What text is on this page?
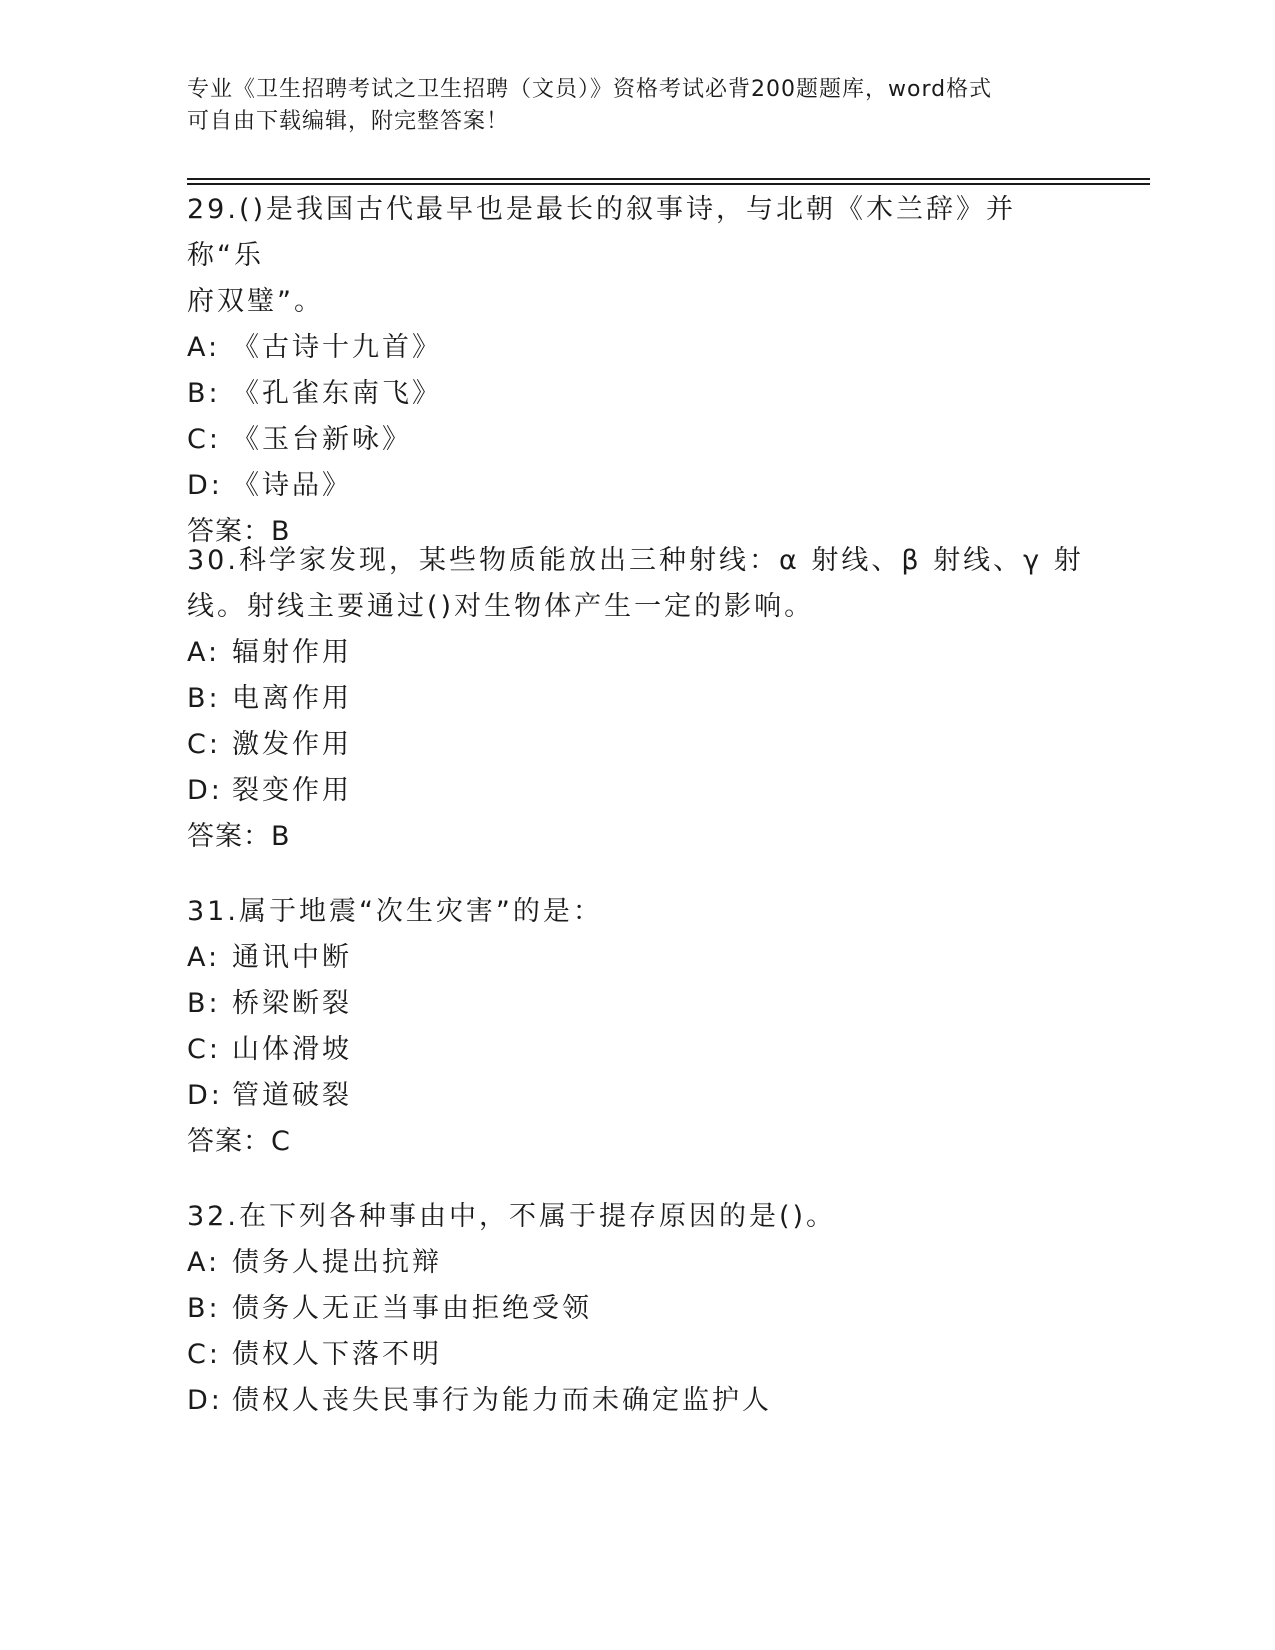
专业《卫生招聘考试之卫生招聘（文员）》资格考试必背200题题库，word格式
可自由下载编辑，附完整答案！
29.()是我国古代最早也是最长的叙事诗，与北朝《木兰辞》并称“乐
府双璧”。
A: 《古诗十九首》
B: 《孔雀东南飞》
C: 《玉台新咏》
D: 《诗品》
答案：B
30.科学家发现，某些物质能放出三种射线：α 射线、β 射线、γ 射
线。射线主要通过()对生物体产生一定的影响。
A: 辐射作用
B: 电离作用
C: 激发作用
D: 裂变作用
答案：B
31.属于地震“次生灾害”的是：
A: 通讯中断
B: 桥梁断裂
C: 山体滑坡
D: 管道破裂
答案：C
32.在下列各种事由中，不属于提存原因的是()。
A: 债务人提出抗辩
B: 债务人无正当事由拒绝受领
C: 债权人下落不明
D: 债权人丧失民事行为能力而未确定监护人
